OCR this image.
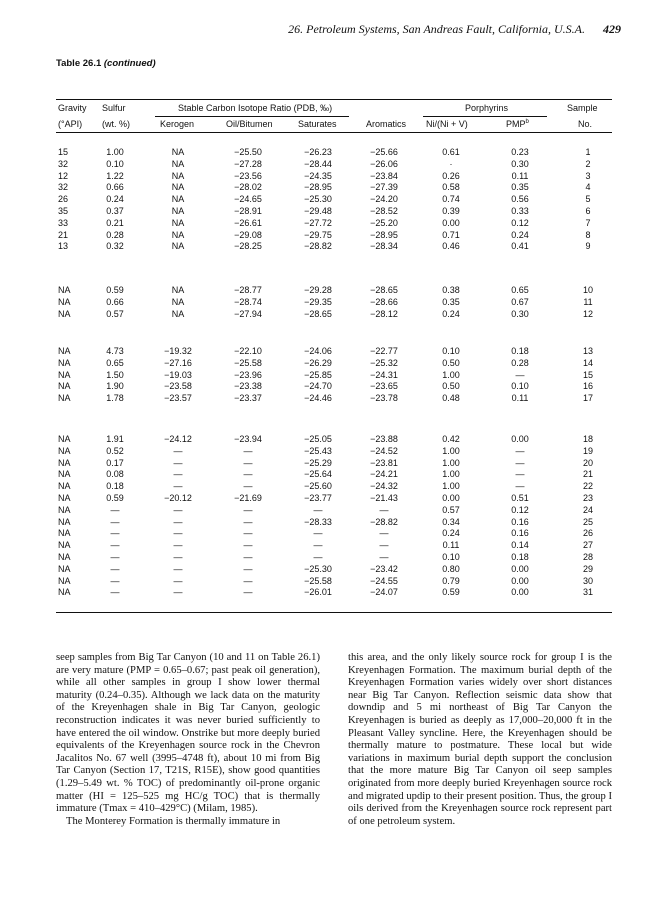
26. Petroleum Systems, San Andreas Fault, California, U.S.A. 429
Table 26.1 (continued)
Gravity Sulfur	Stable Carbon Isotope Ratio (PDB, ‰)	Porphyrins	Sample
(°API) (wt. %)	Kerogen	Oil/Bitumen	Saturates	Aromatics Ni/(Ni + V)	PMP$^b$	No.
15	1.00	NA	−25.50	−26.23	−25.66	0.61	0.23	1
32	0.10	NA	−27.28	−28.44	−26.06	·	0.30	2
12	1.22	NA	−23.56	−24.35	−23.84	0.26	0.11	3
32	0.66	NA	−28.02	−28.95	−27.39	0.58	0.35	4
26	0.24	NA	−24.65	−25.30	−24.20	0.74	0.56	5
35	0.37	NA	−28.91	−29.48	−28.52	0.39	0.33	6
33	0.21	NA	−26.61	−27.72	−25.20	0.00	0.12	7
21	0.28	NA	−29.08	−29.75	−28.95	0.71	0.24	8
13	0.32	NA	−28.25	−28.82	−28.34	0.46	0.41	9
NA	0.59	NA	−28.77	−29.28	−28.65	0.38	0.65	10
NA	0.66	NA	−28.74	−29.35	−28.66	0.35	0.67	11
NA	0.57	NA	−27.94	−28.65	−28.12	0.24	0.30	12
NA	4.73	−19.32	−22.10	−24.06	−22.77	0.10	0.18	13
NA	0.65	−27.16	−25.58	−26.29	−25.32	0.50	0.28	14
NA	1.50	−19.03	−23.96	−25.85	−24.31	1.00	—	15
NA	1.90	−23.58	−23.38	−24.70	−23.65	0.50	0.10	16
NA	1.78	−23.57	−23.37	−24.46	−23.78	0.48	0.11	17
NA	1.91	−24.12	−23.94	−25.05	−23.88	0.42	0.00	18
NA	0.52	—	—	−25.43	−24.52	1.00	—	19
NA	0.17	—	—	−25.29	−23.81	1.00	—	20
NA	0.08	—	—	−25.64	−24.21	1.00	—	21
NA	0.18	—	—	−25.60	−24.32	1.00	—	22
NA	0.59	−20.12	−21.69	−23.77	−21.43	0.00	0.51	23
NA	—	—	—	—	—	0.57	0.12	24
NA	—	—	—	−28.33	−28.82	0.34	0.16	25
NA	—	—	—	—	—	0.24	0.16	26
NA	—	—	—	—	—	0.11	0.14	27
NA	—	—	—	—	—	0.10	0.18	28
NA	—	—	—	−25.30	−23.42	0.80	0.00	29
NA	—	—	—	−25.58	−24.55	0.79	0.00	30
NA	—	—	—	−26.01	−24.07	0.59	0.00	31

seep samples from Big Tar Canyon (10 and 11 on Table 26.1) are very mature (PMP = 0.65–0.67; past peak oil generation), while all other samples in group I show lower thermal maturity (0.24–0.35). Although we lack data on the maturity of the Kreyenhagen shale in Big Tar Canyon, geologic reconstruction indicates it was never buried sufficiently to have entered the oil window. Onstrike but more deeply buried equivalents of the Kreyenhagen source rock in the Chevron Jacalitos No. 67 well (3995–4748 ft), about 10 mi from Big Tar Canyon (Section 17, T21S, R15E), show good quantities (1.29–5.49 wt. % TOC) of predominantly oil-prone organic matter (HI = 125–525 mg HC/g TOC) that is thermally immature (Tmax = 410–429°C) (Milam, 1985).

The Monterey Formation is thermally immature in

this area, and the only likely source rock for group I is the Kreyenhagen Formation. The maximum burial depth of the Kreyenhagen Formation varies widely over short distances near Big Tar Canyon. Reflection seismic data show that downdip and 5 mi northeast of Big Tar Canyon the Kreyenhagen is buried as deeply as 17,000–20,000 ft in the Pleasant Valley syncline. Here, the Kreyenhagen should be thermally mature to postmature. These local but wide variations in maximum burial depth support the conclusion that the more mature Big Tar Canyon oil seep samples originated from more deeply buried Kreyenhagen source rock and migrated updip to their present position. Thus, the group I oils derived from the Kreyenhagen source rock represent part of one petroleum system.
